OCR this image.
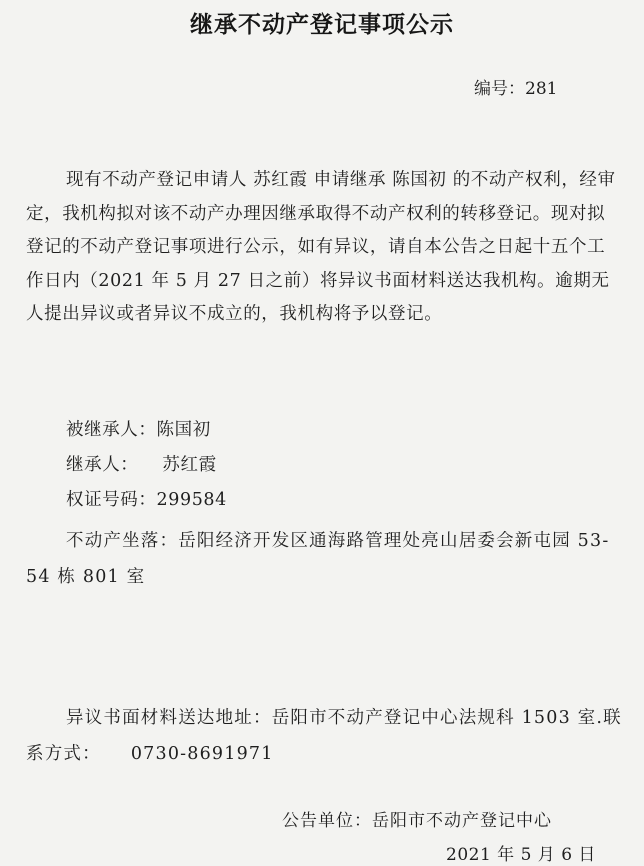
继承不动产登记事项公示
编号：281

现有不动产登记申请人 苏红霞 申请继承 陈国初 的不动产权利，经审定，我机构拟对该不动产办理因继承取得不动产权利的转移登记。现对拟登记的不动产登记事项进行公示，如有异议，请自本公告之日起十五个工作日内（2021 年 5 月 27 日之前）将异议书面材料送达我机构。逾期无人提出异议或者异议不成立的，我机构将予以登记。

被继承人：陈国初
继承人： 苏红霞
权证号码：299584

不动产坐落：岳阳经济开发区通海路管理处亮山居委会新屯园 53-54 栋 801 室

异议书面材料送达地址：岳阳市不动产登记中心法规科 1503 室.联系方式： 0730-8691971

公告单位：岳阳市不动产登记中心
2021 年 5 月 6 日
